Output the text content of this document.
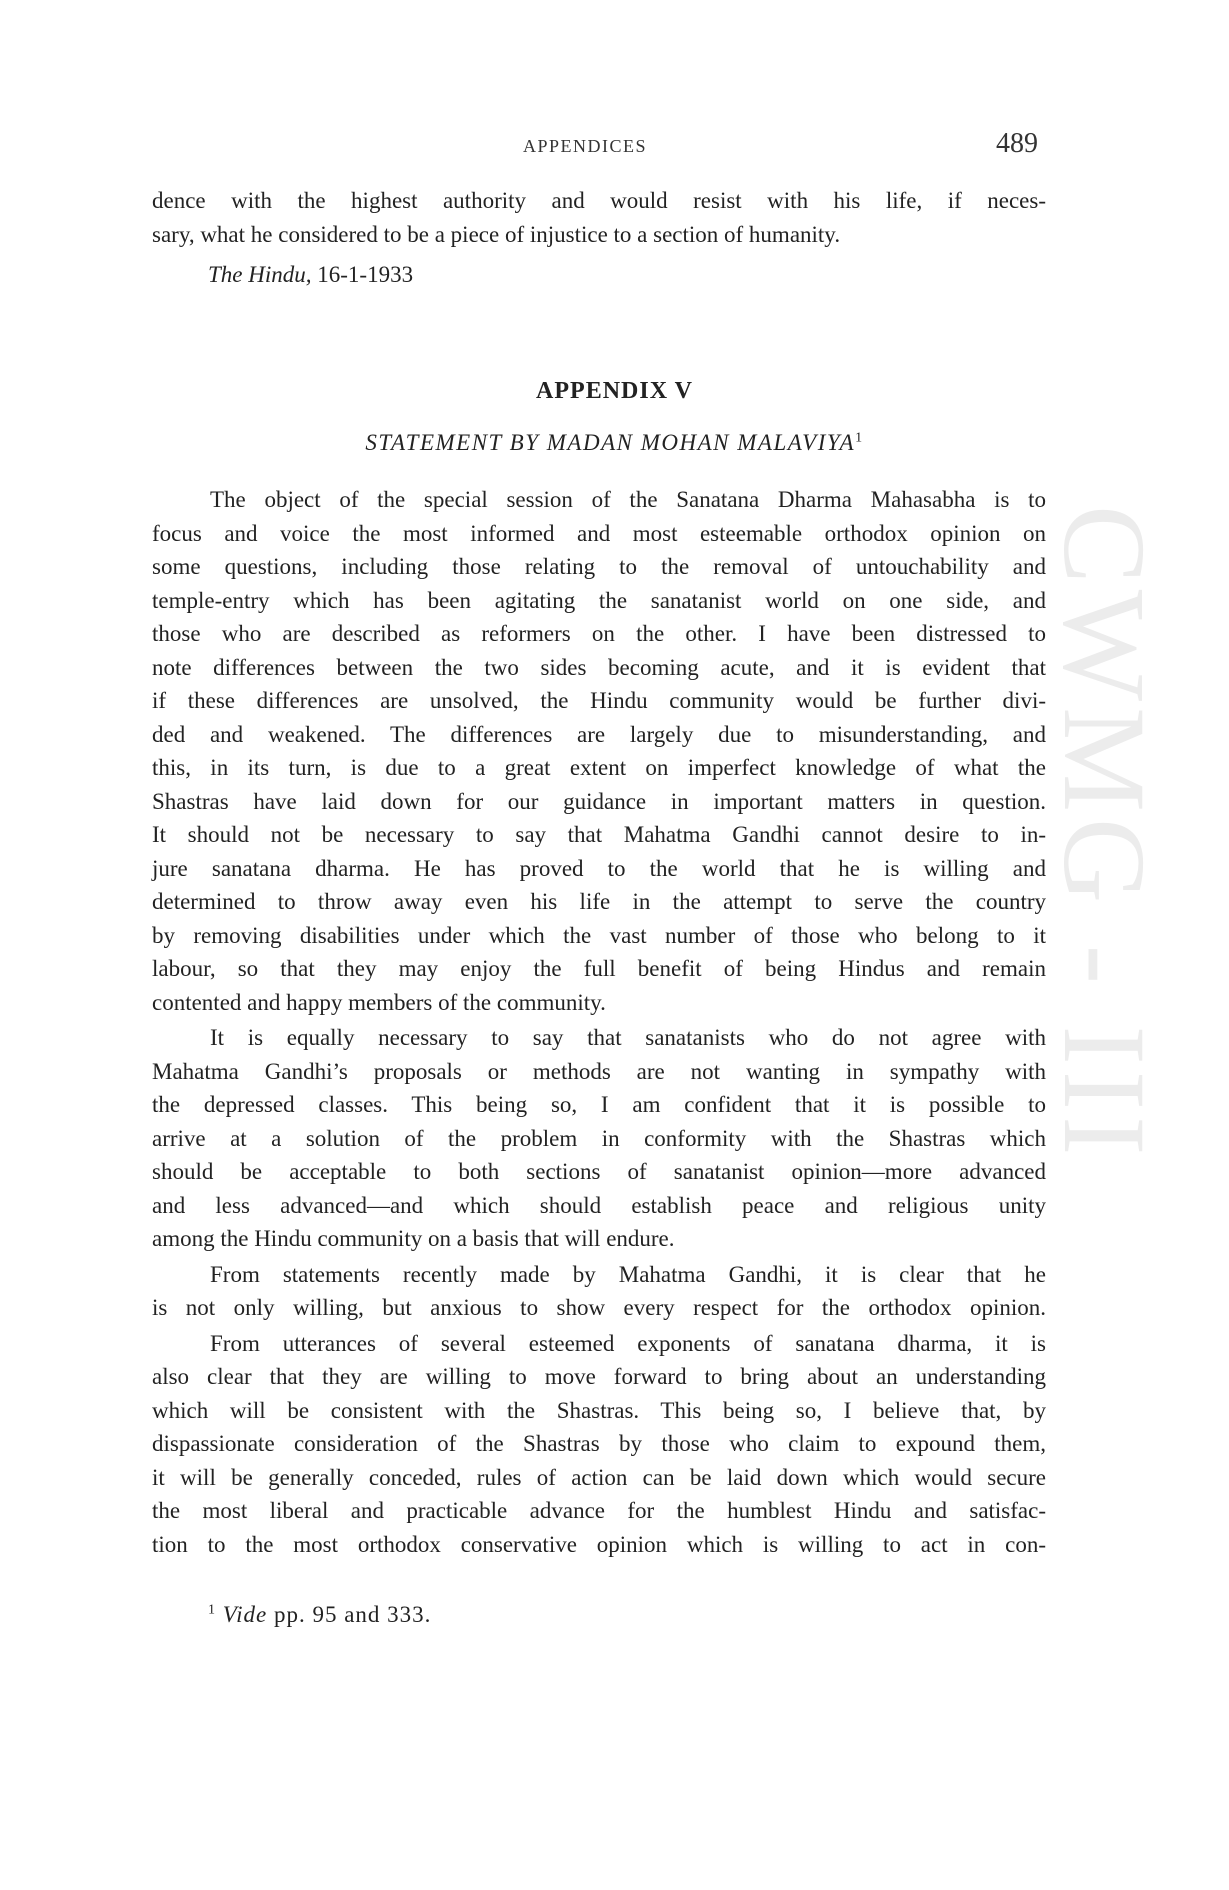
CWMG - III
APPENDICES	489
dence with the highest authority and would resist with his life, if neces-
sary, what he considered to be a piece of injustice to a section of humanity.
The Hindu, 16-1-1933
APPENDIX V
STATEMENT BY MADAN MOHAN MALAVIYA$^1$
The object of the special session of the Sanatana Dharma Mahasabha is to
focus and voice the most informed and most esteemable orthodox opinion on
some questions, including those relating to the removal of untouchability and
temple-entry which has been agitating the sanatanist world on one side, and
those who are described as reformers on the other. I have been distressed to
note differences between the two sides becoming acute, and it is evident that
if these differences are unsolved, the Hindu community would be further divi-
ded and weakened. The differences are largely due to misunderstanding, and
this, in its turn, is due to a great extent on imperfect knowledge of what the
Shastras have laid down for our guidance in important matters in question.
It should not be necessary to say that Mahatma Gandhi cannot desire to in-
jure sanatana dharma. He has proved to the world that he is willing and
determined to throw away even his life in the attempt to serve the country
by removing disabilities under which the vast number of those who belong to it
labour, so that they may enjoy the full benefit of being Hindus and remain
contented and happy members of the community.
It is equally necessary to say that sanatanists who do not agree with
Mahatma Gandhi’s proposals or methods are not wanting in sympathy with
the depressed classes. This being so, I am confident that it is possible to
arrive at a solution of the problem in conformity with the Shastras which
should be acceptable to both sections of sanatanist opinion—more advanced
and less advanced—and which should establish peace and religious unity
among the Hindu community on a basis that will endure.
From statements recently made by Mahatma Gandhi, it is clear that he
is not only willing, but anxious to show every respect for the orthodox opinion.
From utterances of several esteemed exponents of sanatana dharma, it is
also clear that they are willing to move forward to bring about an understanding
which will be consistent with the Shastras. This being so, I believe that, by
dispassionate consideration of the Shastras by those who claim to expound them,
it will be generally conceded, rules of action can be laid down which would secure
the most liberal and practicable advance for the humblest Hindu and satisfac-
tion to the most orthodox conservative opinion which is willing to act in con-
$^1$ Vide pp. 95 and 333.
